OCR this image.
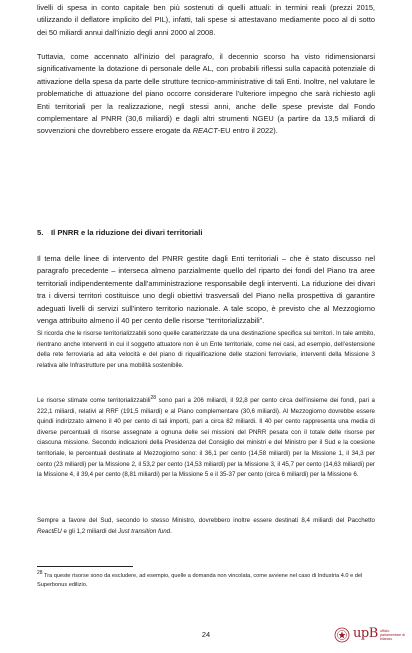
livelli di spesa in conto capitale ben più sostenuti di quelli attuali: in termini reali (prezzi 2015, utilizzando il deflatore implicito del PIL), infatti, tali spese si attestavano mediamente poco al di sotto dei 50 miliardi annui dall’inizio degli anni 2000 al 2008.

Tuttavia, come accennato all’inizio del paragrafo, il decennio scorso ha visto ridimensionarsi significativamente la dotazione di personale delle AL, con probabili riflessi sulla capacità potenziale di attivazione della spesa da parte delle strutture tecnico-amministrative di tali Enti. Inoltre, nel valutare le problematiche di attuazione del piano occorre considerare l’ulteriore impegno che sarà richiesto agli Enti territoriali per la realizzazione, negli stessi anni, anche delle spese previste dal Fondo complementare al PNRR (30,6 miliardi) e dagli altri strumenti NGEU (a partire da 13,5 miliardi di sovvenzioni che dovrebbero essere erogate da REACT-EU entro il 2022).

5. Il PNRR e la riduzione dei divari territoriali

Il tema delle linee di intervento del PNRR gestite dagli Enti territoriali – che è stato discusso nel paragrafo precedente – interseca almeno parzialmente quello del riparto dei fondi del Piano tra aree territoriali indipendentemente dall’amministrazione responsabile degli interventi. La riduzione dei divari tra i diversi territori costituisce uno degli obiettivi trasversali del Piano nella prospettiva di garantire adeguati livelli di servizi sull’intero territorio nazionale. A tale scopo, è previsto che al Mezzogiorno venga attribuito almeno il 40 per cento delle risorse “territorializzabili”.

Si ricorda che le risorse territorializzabili sono quelle caratterizzate da una destinazione specifica sui territori. In tale ambito, rientrano anche interventi in cui il soggetto attuatore non è un Ente territoriale, come nei casi, ad esempio, dell’estensione della rete ferroviaria ad alta velocità e del piano di riqualificazione delle stazioni ferroviarie, interventi della Missione 3 relativa alle Infrastrutture per una mobilità sostenibile.

Le risorse stimate come territorializzabili$^{28}$ sono pari a 206 miliardi, il 92,8 per cento circa dell’insieme dei fondi, pari a 222,1 miliardi, relativi al RRF (191,5 miliardi) e al Piano complementare (30,6 miliardi). Al Mezzogiorno dovrebbe essere quindi indirizzato almeno il 40 per cento di tali importi, pari a circa 82 miliardi. Il 40 per cento rappresenta una media di diverse percentuali di risorse assegnate a ognuna delle sei missioni del PNRR pesata con il totale delle risorse per ciascuna missione. Secondo indicazioni della Presidenza del Consiglio dei ministri e del Ministro per il Sud e la coesione territoriale, le percentuali destinate al Mezzogiorno sono: il 36,1 per cento (14,58 miliardi) per la Missione 1, il 34,3 per cento (23 miliardi) per la Missione 2, il 53,2 per cento (14,53 miliardi) per la Missione 3, il 45,7 per cento (14,63 miliardi) per la Missione 4, il 39,4 per cento (8,81 miliardi) per la Missione 5 e il 35-37 per cento (circa 6 miliardi) per la Missione 6.

Sempre a favore del Sud, secondo lo stesso Ministro, dovrebbero inoltre essere destinati 8,4 miliardi del Pacchetto ReactEU e gli 1,2 miliardi del Just transition fund.

28 Tra queste risorse sono da escludere, ad esempio, quelle a domanda non vincolata, come avviene nel caso di Industria 4.0 e del Superbonus edilizio.

24	upB ufficio parlamentare di bilancio
